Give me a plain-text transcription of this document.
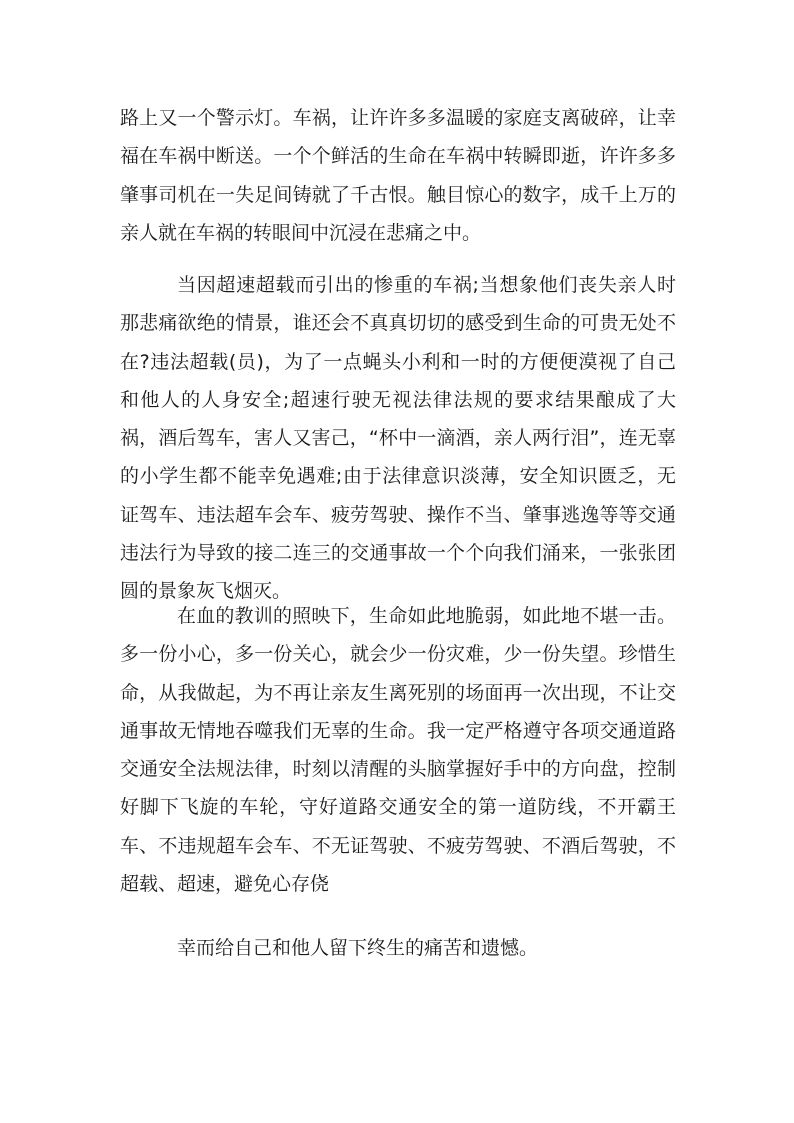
路上又一个警示灯。车祸，让许许多多温暖的家庭支离破碎，让幸福在车祸中断送。一个个鲜活的生命在车祸中转瞬即逝，许许多多肇事司机在一失足间铸就了千古恨。触目惊心的数字，成千上万的亲人就在车祸的转眼间中沉浸在悲痛之中。
当因超速超载而引出的惨重的车祸;当想象他们丧失亲人时那悲痛欲绝的情景，谁还会不真真切切的感受到生命的可贵无处不在?违法超载(员)，为了一点蝇头小利和一时的方便便漠视了自己和他人的人身安全;超速行驶无视法律法规的要求结果酿成了大祸，酒后驾车，害人又害己，“杯中一滴酒，亲人两行泪”，连无辜的小学生都不能幸免遇难;由于法律意识淡薄，安全知识匮乏，无证驾车、违法超车会车、疲劳驾驶、操作不当、肇事逃逸等等交通违法行为导致的接二连三的交通事故一个个向我们涌来，一张张团圆的景象灰飞烟灭。
在血的教训的照映下，生命如此地脆弱，如此地不堪一击。多一份小心，多一份关心，就会少一份灾难，少一份失望。珍惜生命，从我做起，为不再让亲友生离死别的场面再一次出现，不让交通事故无情地吞噬我们无辜的生命。我一定严格遵守各项交通道路交通安全法规法律，时刻以清醒的头脑掌握好手中的方向盘，控制好脚下飞旋的车轮，守好道路交通安全的第一道防线，不开霸王车、不违规超车会车、不无证驾驶、不疲劳驾驶、不酒后驾驶，不超载、超速，避免心存侥
幸而给自己和他人留下终生的痛苦和遗憾。
